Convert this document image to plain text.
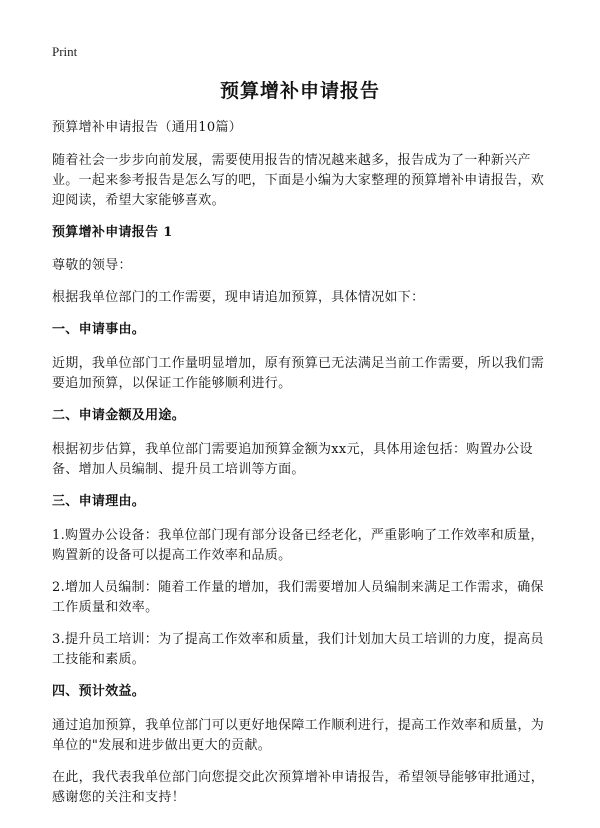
Print
预算增补申请报告

预算增补申请报告（通用10篇）

随着社会一步步向前发展，需要使用报告的情况越来越多，报告成为了一种新兴产业。一起来参考报告是怎么写的吧，下面是小编为大家整理的预算增补申请报告，欢迎阅读，希望大家能够喜欢。

预算增补申请报告 1

尊敬的领导：

根据我单位部门的工作需要，现申请追加预算，具体情况如下：

一、申请事由。

近期，我单位部门工作量明显增加，原有预算已无法满足当前工作需要，所以我们需要追加预算，以保证工作能够顺利进行。

二、申请金额及用途。

根据初步估算，我单位部门需要追加预算金额为xx元，具体用途包括：购置办公设备、增加人员编制、提升员工培训等方面。

三、申请理由。

1.购置办公设备：我单位部门现有部分设备已经老化，严重影响了工作效率和质量，购置新的设备可以提高工作效率和品质。

2.增加人员编制：随着工作量的增加，我们需要增加人员编制来满足工作需求，确保工作质量和效率。

3.提升员工培训：为了提高工作效率和质量，我们计划加大员工培训的力度，提高员工技能和素质。

四、预计效益。

通过追加预算，我单位部门可以更好地保障工作顺利进行，提高工作效率和质量，为单位的"发展和进步做出更大的贡献。

在此，我代表我单位部门向您提交此次预算增补申请报告，希望领导能够审批通过，感谢您的关注和支持！
